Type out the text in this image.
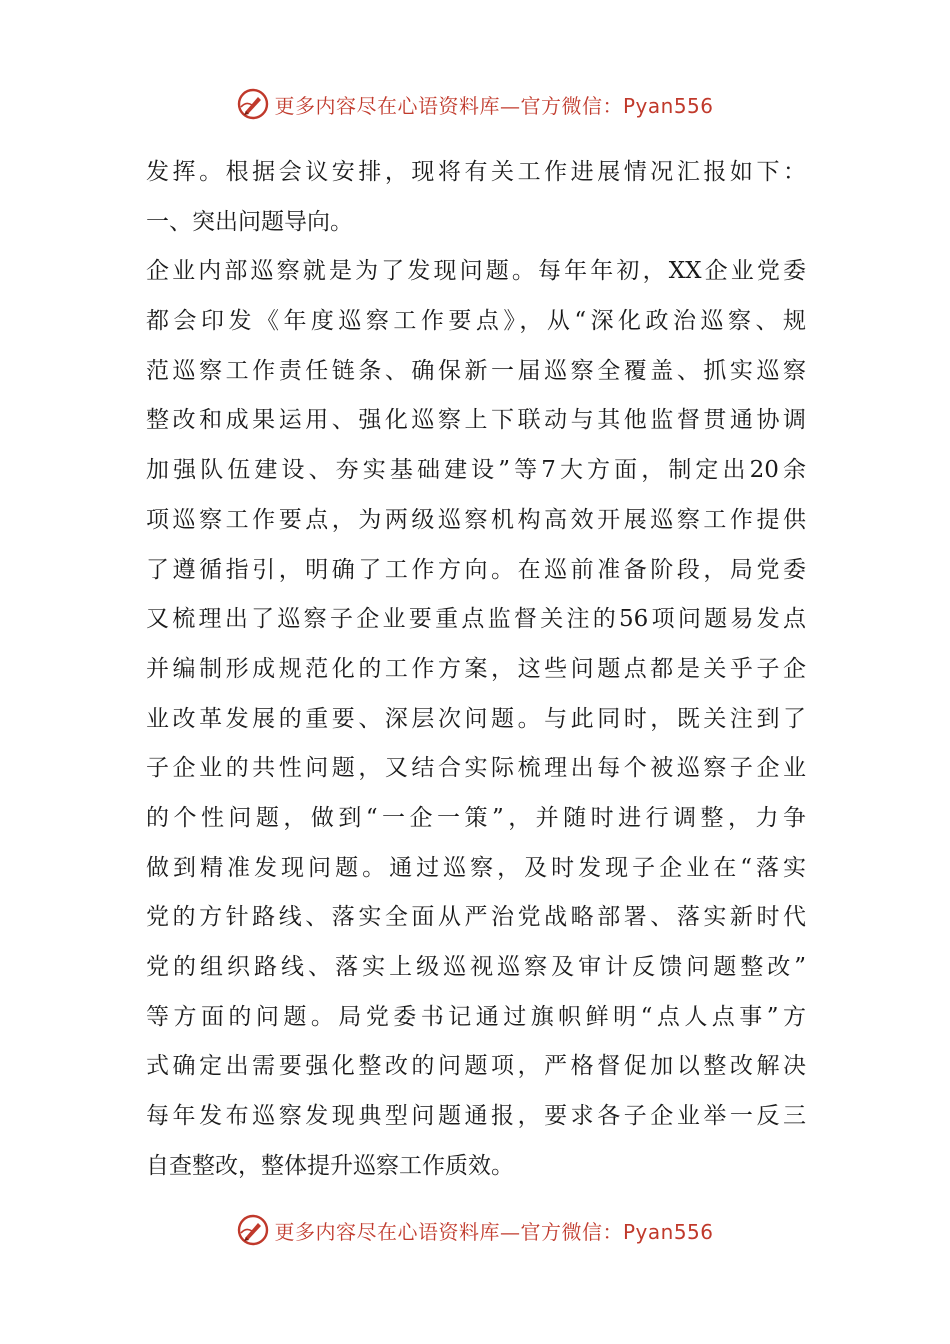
更多内容尽在心语资料库—官方微信：Pyan556
发挥。根据会议安排，现将有关工作进展情况汇报如下：
一、突出问题导向。
企业内部巡察就是为了发现问题。每年年初，XX企业党委
都会印发《年度巡察工作要点》，从“深化政治巡察、规
范巡察工作责任链条、确保新一届巡察全覆盖、抓实巡察
整改和成果运用、强化巡察上下联动与其他监督贯通协调
加强队伍建设、夯实基础建设”等7大方面，制定出20余
项巡察工作要点，为两级巡察机构高效开展巡察工作提供
了遵循指引，明确了工作方向。在巡前准备阶段，局党委
又梳理出了巡察子企业要重点监督关注的56项问题易发点
并编制形成规范化的工作方案，这些问题点都是关乎子企
业改革发展的重要、深层次问题。与此同时，既关注到了
子企业的共性问题，又结合实际梳理出每个被巡察子企业
的个性问题，做到“一企一策”，并随时进行调整，力争
做到精准发现问题。通过巡察，及时发现子企业在“落实
党的方针路线、落实全面从严治党战略部署、落实新时代
党的组织路线、落实上级巡视巡察及审计反馈问题整改”
等方面的问题。局党委书记通过旗帜鲜明“点人点事”方
式确定出需要强化整改的问题项，严格督促加以整改解决
每年发布巡察发现典型问题通报，要求各子企业举一反三
自查整改，整体提升巡察工作质效。
更多内容尽在心语资料库—官方微信：Pyan556
